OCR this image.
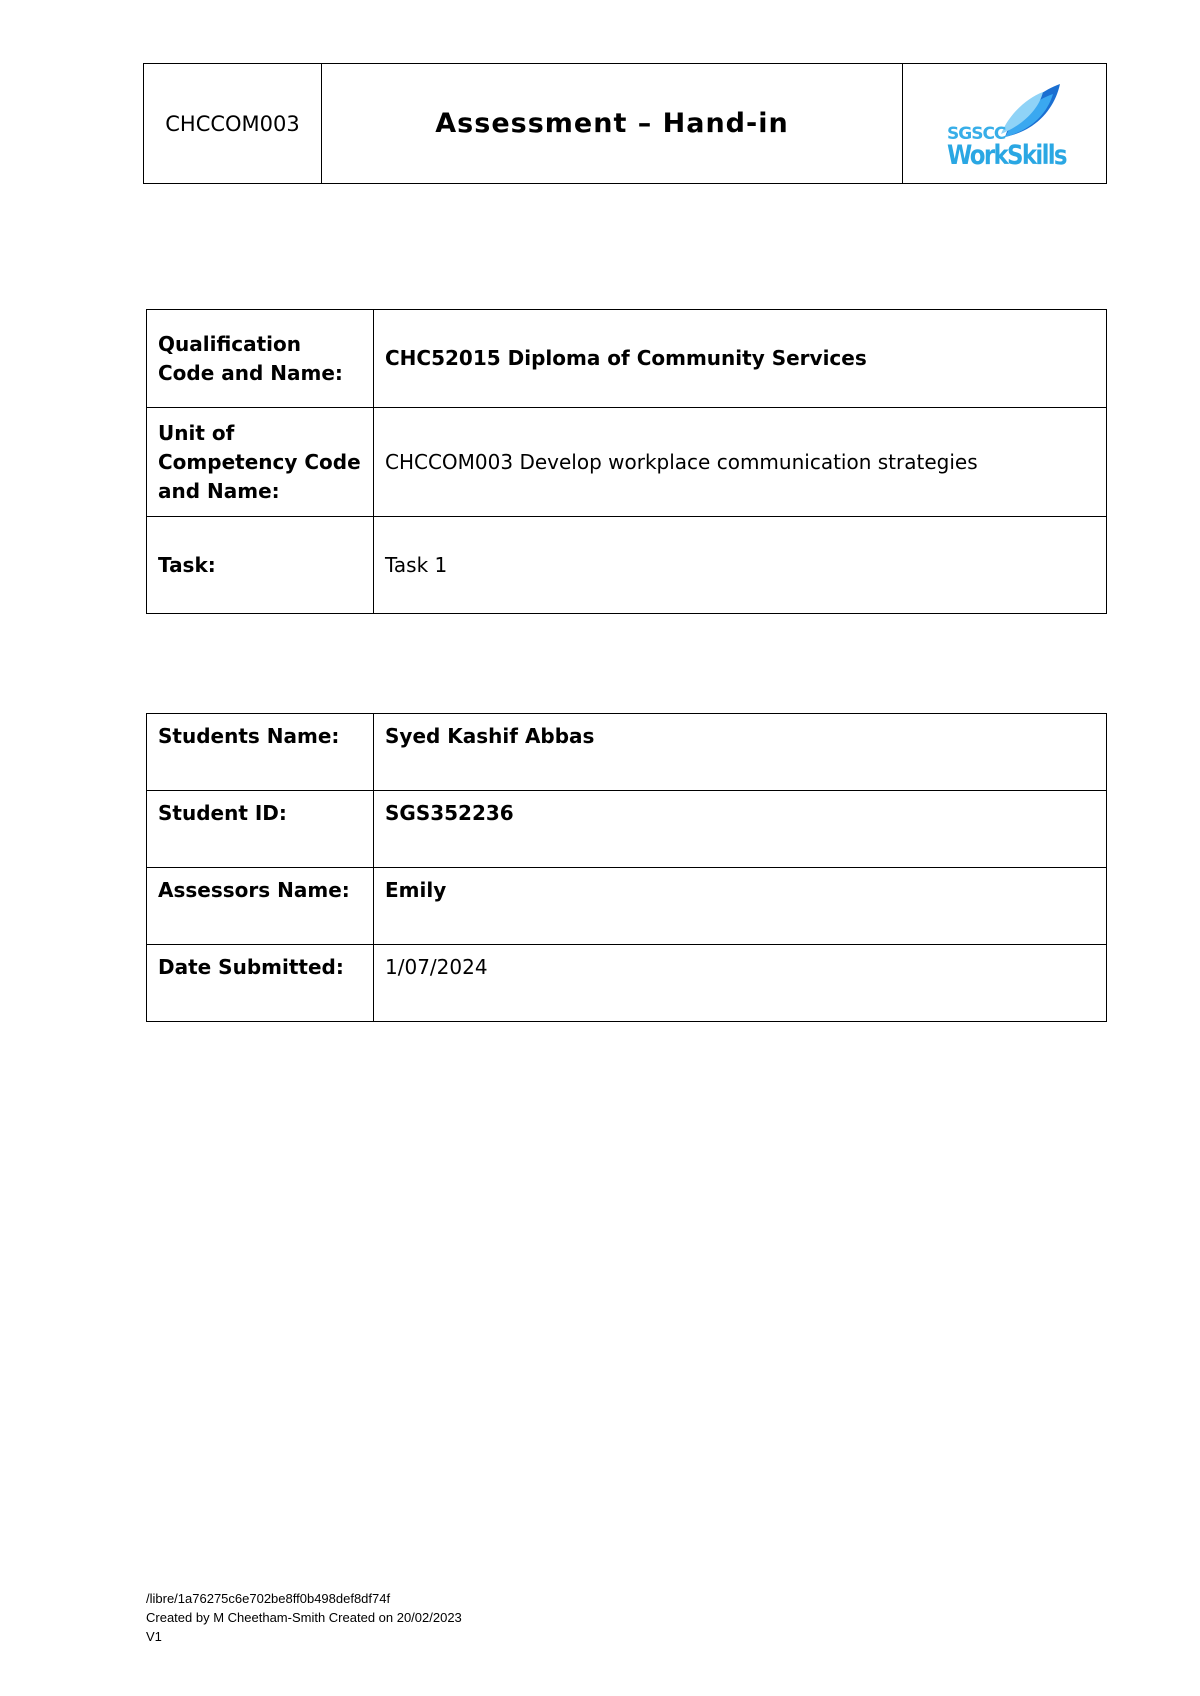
CHCCOM003	Assessment – Hand-in	SGSCC
WorkSkills
Qualification Code and Name:	CHC52015 Diploma of Community Services
Unit of Competency Code and Name:	CHCCOM003 Develop workplace communication strategies
Task:	Task 1
Students Name:	Syed Kashif Abbas
Student ID:	SGS352236
Assessors Name:	Emily
Date Submitted:	1/07/2024
/libre/1a76275c6e702be8ff0b498def8df74f
Created by M Cheetham-Smith Created on 20/02/2023
V1
